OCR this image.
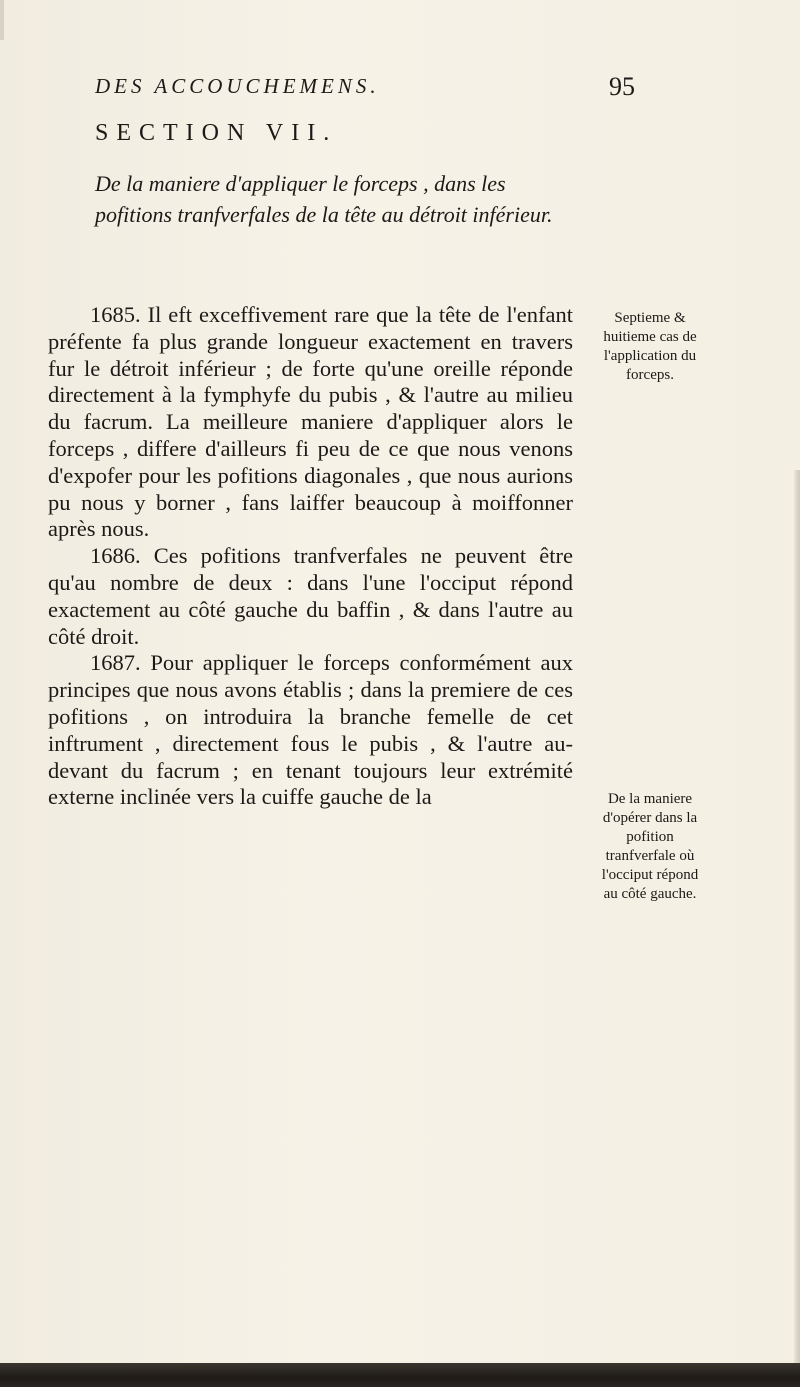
DES ACCOUCHEMENS.	95
SECTION VII.
De la maniere d'appliquer le forceps , dans les pofitions tranfverfales de la tête au détroit inférieur.

1685. Il eft exceffivement rare que la tête de l'enfant préfente fa plus grande longueur exactement en travers fur le détroit inférieur ; de forte qu'une oreille réponde directement à la fymphyfe du pubis , & l'autre au milieu du facrum. La meilleure maniere d'appliquer alors le forceps , differe d'ailleurs fi peu de ce que nous venons d'expofer pour les pofitions diagonales , que nous aurions pu nous y borner , fans laiffer beaucoup à moiffonner après nous.

1686. Ces pofitions tranfverfales ne peuvent être qu'au nombre de deux : dans l'une l'occiput répond exactement au côté gauche du baffin , & dans l'autre au côté droit.

1687. Pour appliquer le forceps conformément aux principes que nous avons établis ; dans la premiere de ces pofitions , on introduira la branche femelle de cet inftrument , directement fous le pubis , & l'autre au-devant du facrum ; en tenant toujours leur extrémité externe inclinée vers la cuiffe gauche de la

Septieme & huitieme cas de l'application du forceps.
De la maniere d'opérer dans la pofition tranfverfale où l'occiput répond au côté gauche.
